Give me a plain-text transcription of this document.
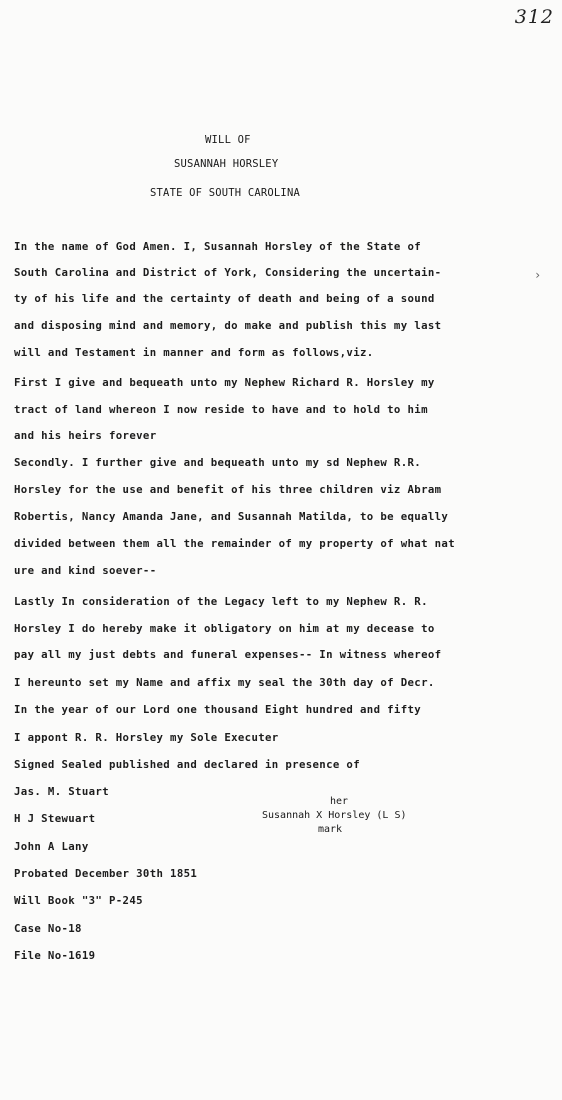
312
WILL OF
SUSANNAH HORSLEY
STATE OF SOUTH CAROLINA
›
In the name of God Amen. I, Susannah Horsley of the State of
South Carolina and District of York, Considering the uncertain-
ty of his life and the certainty of death and being of a sound
and disposing mind and memory, do make and publish this my last
will and Testament in manner and form as follows,viz.
First I give and bequeath unto my Nephew Richard R. Horsley my
tract of land whereon I now reside to have and to hold to him
and his heirs forever
Secondly. I further give and bequeath unto my sd Nephew R.R.
Horsley for the use and benefit of his three children viz Abram
Robertis, Nancy Amanda Jane, and Susannah Matilda, to be equally
divided between them all the remainder of my property of what nat
ure and kind soever--
Lastly In consideration of the Legacy left to my Nephew R. R.
Horsley I do hereby make it obligatory on him at my decease to
pay all my just debts and funeral expenses-- In witness whereof
I hereunto set my Name and affix my seal the 30th day of Decr.
In the year of our Lord one thousand Eight hundred and fifty
I appont R. R. Horsley my Sole Executer
Signed Sealed published and declared in presence of
Jas. M. Stuart
H J Stewuart
John A Lany
Probated December 30th 1851
Will Book "3" P-245
Case No-18
File No-1619

her

Susannah X Horsley (L S)

mark
